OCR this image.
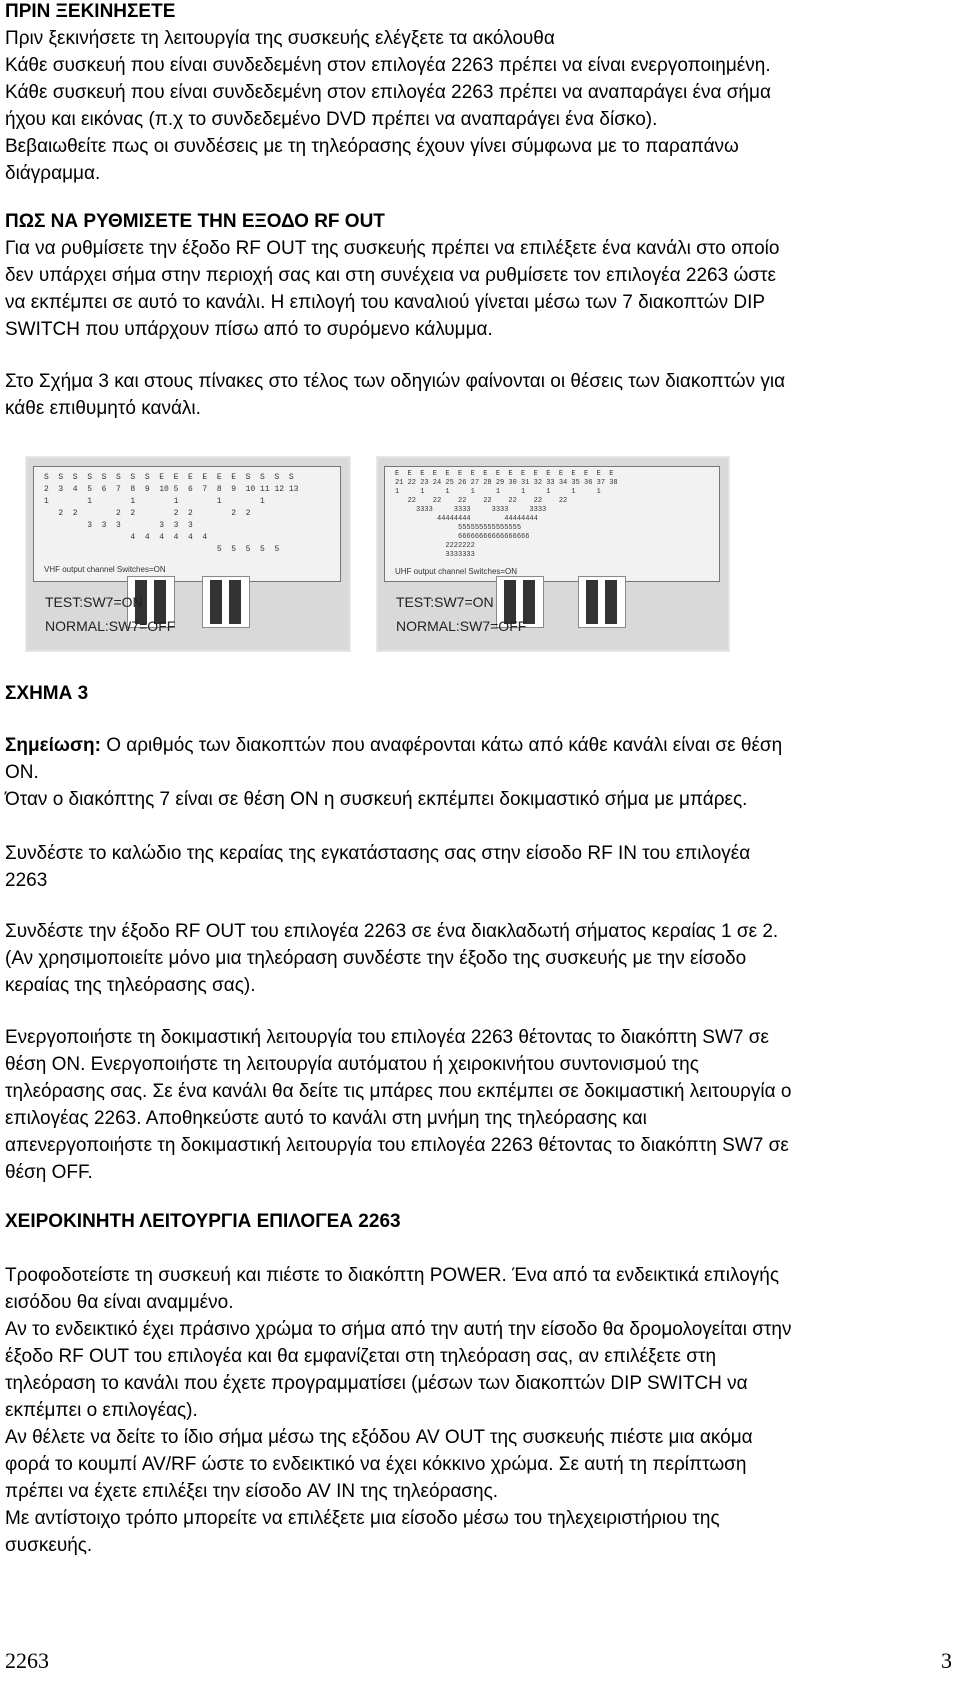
ΠΡΙΝ ΞΕΚΙΝΗΣΕΤΕ
Πριν ξεκινήσετε τη λειτουργία της συσκευής ελέγξετε τα ακόλουθα
Κάθε συσκευή που είναι συνδεδεμένη στον επιλογέα 2263 πρέπει να είναι ενεργοποιημένη.
Κάθε συσκευή που είναι συνδεδεμένη στον επιλογέα 2263 πρέπει να αναπαράγει ένα σήμα
ήχου και εικόνας (π.χ το συνδεδεμένο DVD πρέπει να αναπαράγει ένα δίσκο).
Βεβαιωθείτε πως οι συνδέσεις με τη τηλεόρασης έχουν γίνει σύμφωνα με το παραπάνω
διάγραμμα.
ΠΩΣ ΝΑ ΡΥΘΜΙΣΕΤΕ ΤΗΝ ΕΞΟΔΟ RF OUT
Για να ρυθμίσετε την έξοδο RF OUT της συσκευής πρέπει να επιλέξετε ένα κανάλι στο οποίο
δεν υπάρχει σήμα στην περιοχή σας και στη συνέχεια να ρυθμίσετε τον επιλογέα 2263 ώστε
να εκπέμπει σε αυτό το κανάλι. Η επιλογή του καναλιού γίνεται μέσω των 7 διακοπτών DIP
SWITCH που υπάρχουν πίσω από το συρόμενο κάλυμμα.
Στο Σχήμα 3 και στους πίνακες στο τέλος των οδηγιών φαίνονται οι θέσεις των διακοπτών για
κάθε επιθυμητό κανάλι.
S  S  S  S  S  S  S  S  E  E  E  E  E  E  S  S  S  S
2  3  4  5  6  7  8  9  10 5  6  7  8  9  10 11 12 13
1        1        1        1        1        1
2  2        2  2        2  2        2  2
3  3  3        3  3  3
4  4  4  4  4  4
5  5  5  5  5
VHF output channel Switches=ON
TEST:SW7=ON
NORMAL:SW7=OFF
E  E  E  E  E  E  E  E  E  E  E  E  E  E  E  E  E  E
21 22 23 24 25 26 27 28 29 30 31 32 33 34 35 36 37 38
1     1     1     1     1     1     1     1     1
22    22    22    22    22    22    22
3333     3333     3333     3333
44444444        44444444
555555555555555
66666666666666666
2222222
3333333
UHF output channel Switches=ON
TEST:SW7=ON
NORMAL:SW7=OFF
ΣΧΗΜΑ 3
Σημείωση: Ο αριθμός των διακοπτών που αναφέρονται κάτω από κάθε κανάλι είναι σε θέση
ON.
Όταν ο διακόπτης 7 είναι σε θέση ON η συσκευή εκπέμπει δοκιμαστικό σήμα με μπάρες.
Συνδέστε το καλώδιο της κεραίας της εγκατάστασης σας στην είσοδο RF IN του επιλογέα
2263
Συνδέστε την έξοδο RF OUT του επιλογέα 2263 σε ένα διακλαδωτή σήματος κεραίας 1 σε 2.
(Αν χρησιμοποιείτε μόνο μια τηλεόραση συνδέστε την έξοδο της συσκευής με την είσοδο
κεραίας της τηλεόρασης σας).
Ενεργοποιήστε τη δοκιμαστική λειτουργία του επιλογέα 2263 θέτοντας το διακόπτη SW7 σε
θέση ON. Ενεργοποιήστε τη λειτουργία αυτόματου ή χειροκινήτου συντονισμού της
τηλεόρασης σας. Σε ένα κανάλι θα δείτε τις μπάρες που εκπέμπει σε δοκιμαστική λειτουργία ο
επιλογέας 2263. Αποθηκεύστε αυτό το κανάλι στη μνήμη της τηλεόρασης και
απενεργοποιήστε τη δοκιμαστική λειτουργία του επιλογέα 2263 θέτοντας το διακόπτη SW7 σε
θέση OFF.
ΧΕΙΡΟΚΙΝΗΤΗ ΛΕΙΤΟΥΡΓΙΑ ΕΠΙΛΟΓΕΑ 2263
Τροφοδοτείστε τη συσκευή και πιέστε το διακόπτη POWER. Ένα από τα ενδεικτικά επιλογής
εισόδου θα είναι αναμμένο.
Αν το ενδεικτικό έχει πράσινο χρώμα το σήμα από την αυτή την είσοδο θα δρομολογείται στην
έξοδο RF OUT του επιλογέα και θα εμφανίζεται στη τηλεόραση σας, αν επιλέξετε στη
τηλεόραση το κανάλι που έχετε προγραμματίσει (μέσων των διακοπτών DIP SWITCH να
εκπέμπει ο επιλογέας).
Αν θέλετε να δείτε το ίδιο σήμα μέσω της εξόδου AV OUT της συσκευής πιέστε μια ακόμα
φορά το κουμπί AV/RF ώστε το ενδεικτικό να έχει κόκκινο χρώμα. Σε αυτή τη περίπτωση
πρέπει να έχετε επιλέξει την είσοδο AV IN της τηλεόρασης.
Με αντίστοιχο τρόπο μπορείτε να επιλέξετε μια είσοδο μέσω του τηλεχειριστήριου της
συσκευής.
2263	3
